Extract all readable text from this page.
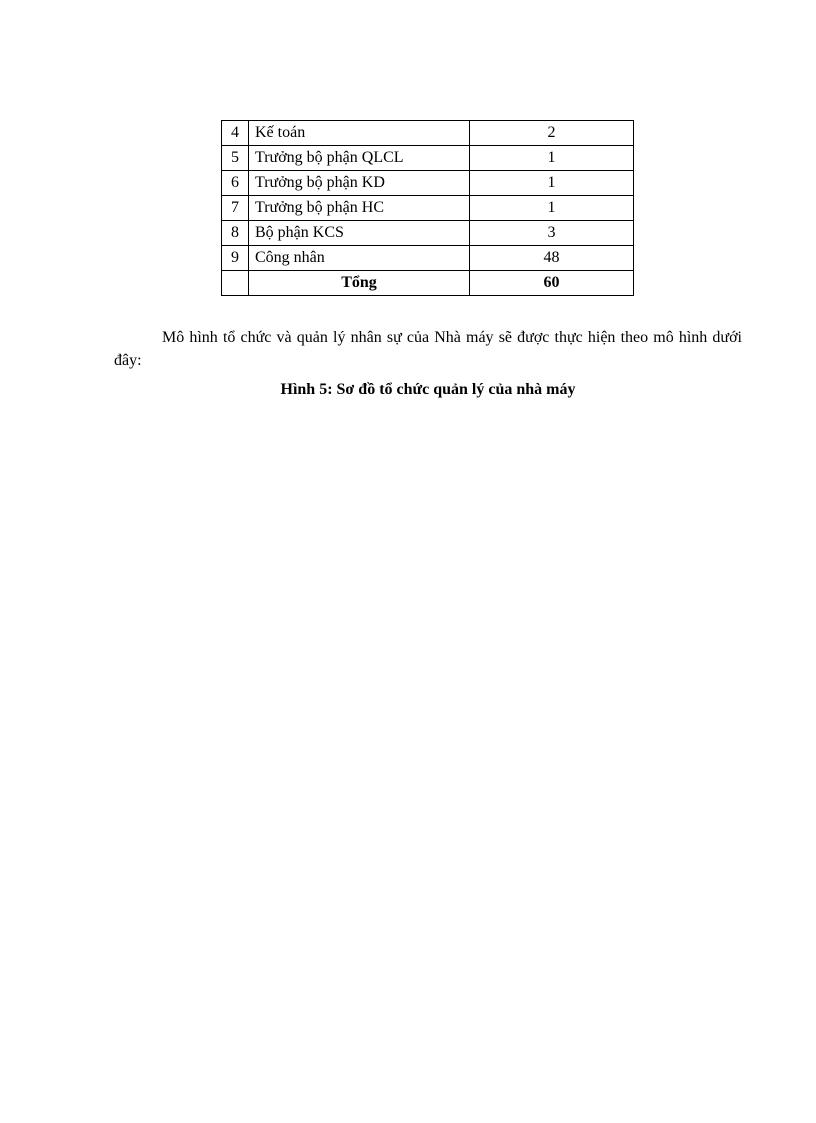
4	Kế toán	2
5	Trưởng bộ phận QLCL	1
6	Trưởng bộ phận KD	1
7	Trưởng bộ phận HC	1
8	Bộ phận KCS	3
9	Công nhân	48
	Tổng	60

Mô hình tổ chức và quản lý nhân sự của Nhà máy sẽ được thực hiện theo mô hình dưới đây:

Hình 5: Sơ đồ tổ chức quản lý của nhà máy
